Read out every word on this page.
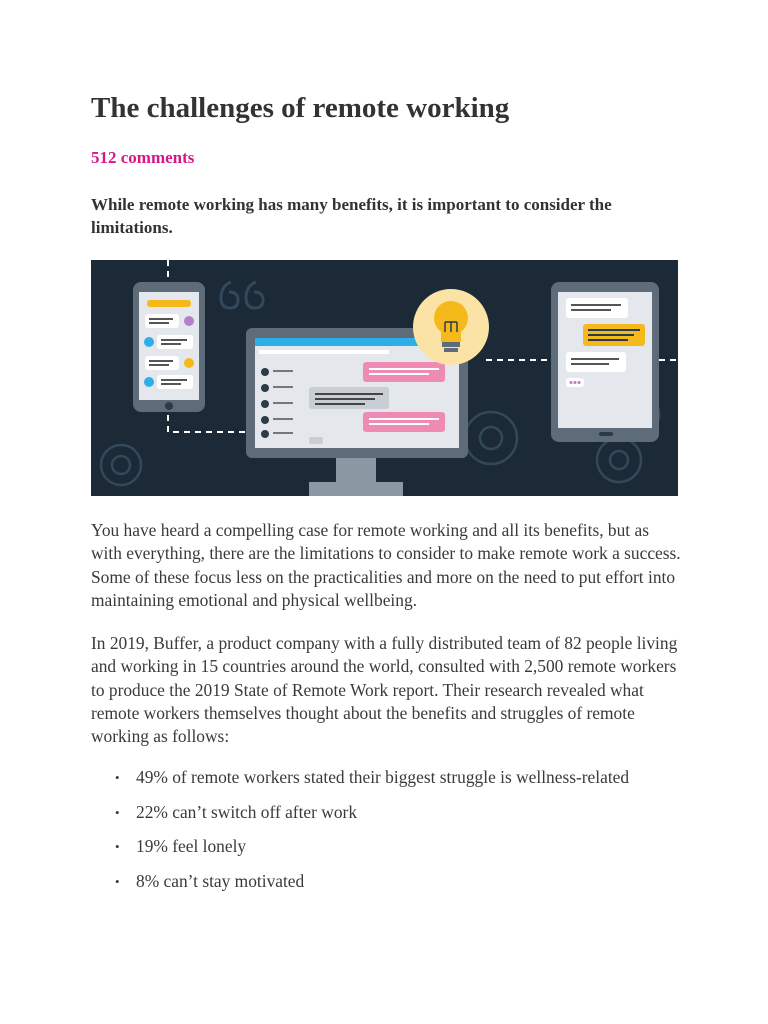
The challenges of remote working
512 comments

While remote working has many benefits, it is important to consider the limitations.

You have heard a compelling case for remote working and all its benefits, but as with everything, there are the limitations to consider to make remote work a success. Some of these focus less on the practicalities and more on the need to put effort into maintaining emotional and physical wellbeing.

In 2019, Buffer, a product company with a fully distributed team of 82 people living and working in 15 countries around the world, consulted with 2,500 remote workers to produce the 2019 State of Remote Work report. Their research revealed what remote workers themselves thought about the benefits and struggles of remote working as follows:

• 49% of remote workers stated their biggest struggle is wellness-related
• 22% can’t switch off after work
• 19% feel lonely
• 8% can’t stay motivated
